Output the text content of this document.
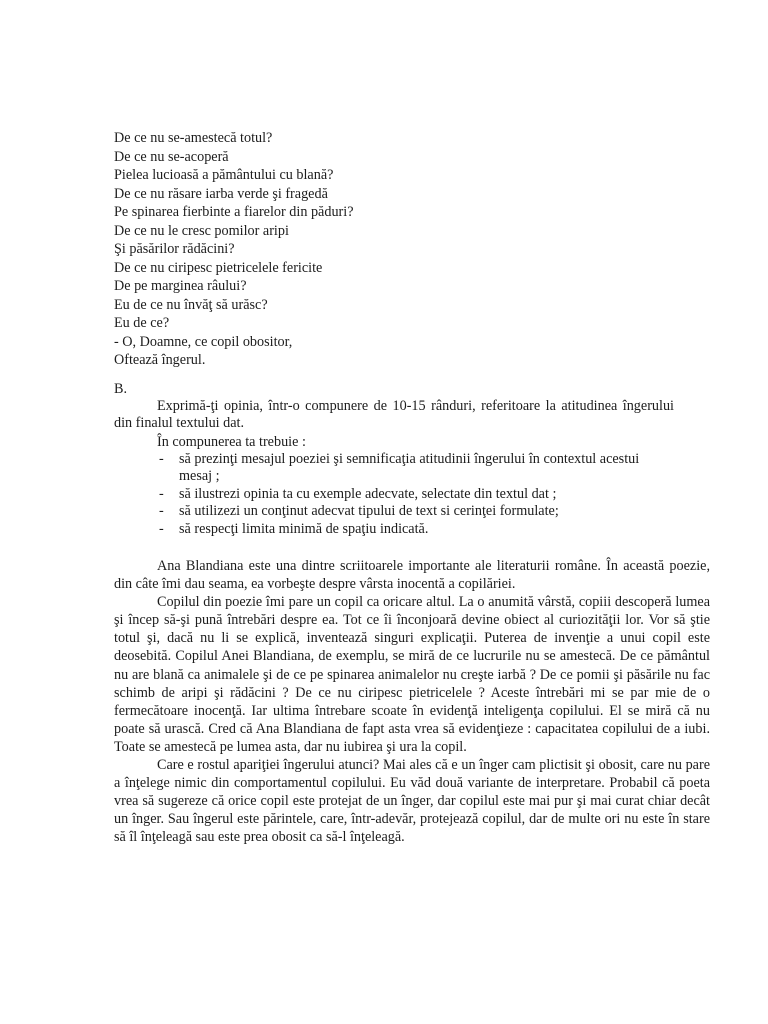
De ce nu se-amestecă totul?
De ce nu se-acoperă
Pielea lucioasă a pământului cu blană?
De ce nu răsare iarba verde şi fragedă
Pe spinarea fierbinte a fiarelor din păduri?
De ce nu le cresc pomilor aripi
Şi păsărilor rădăcini?
De ce nu ciripesc pietricelele fericite
De pe marginea râului?
Eu de ce nu învăţ să urăsc?
Eu de ce?
- O, Doamne, ce copil obositor,
Oftează îngerul.
B.

Exprimă-ţi opinia, într-o compunere de 10-15 rânduri, referitoare la atitudinea îngerului din finalul textului dat.

În compunerea ta trebuie :
- să prezinţi mesajul poeziei şi semnificaţia atitudinii îngerului în contextul acestui mesaj ;
- să ilustrezi opinia ta cu exemple adecvate, selectate din textul dat ;
- să utilizezi un conţinut adecvat tipului de text si cerinţei formulate;
- să respecţi limita minimă de spaţiu indicată.

Ana Blandiana este una dintre scriitoarele importante ale literaturii române. În această poezie, din câte îmi dau seama, ea vorbeşte despre vârsta inocentă a copilăriei.

Copilul din poezie îmi pare un copil ca oricare altul. La o anumită vârstă, copiii descoperă lumea şi încep să-şi pună întrebări despre ea. Tot ce îi înconjoară devine obiect al curiozităţii lor. Vor să ştie totul şi, dacă nu li se explică, inventează singuri explicaţii. Puterea de invenţie a unui copil este deosebită. Copilul Anei Blandiana, de exemplu, se miră de ce lucrurile nu se amestecă. De ce pământul nu are blană ca animalele şi de ce pe spinarea animalelor nu creşte iarbă ? De ce pomii şi păsările nu fac schimb de aripi şi rădăcini ? De ce nu ciripesc pietricelele ? Aceste întrebări mi se par mie de o fermecătoare inocenţă. Iar ultima întrebare scoate în evidenţă inteligenţa copilului. El se miră că nu poate să urască. Cred că Ana Blandiana de fapt asta vrea să evidenţieze : capacitatea copilului de a iubi. Toate se amestecă pe lumea asta, dar nu iubirea şi ura la copil.

Care e rostul apariţiei îngerului atunci? Mai ales că e un înger cam plictisit şi obosit, care nu pare a înţelege nimic din comportamentul copilului. Eu văd două variante de interpretare. Probabil că poeta vrea să sugereze că orice copil este protejat de un înger, dar copilul este mai pur şi mai curat chiar decât un înger. Sau îngerul este părintele, care, într-adevăr, protejează copilul, dar de multe ori nu este în stare să îl înţeleagă sau este prea obosit ca să-l înţeleagă.
